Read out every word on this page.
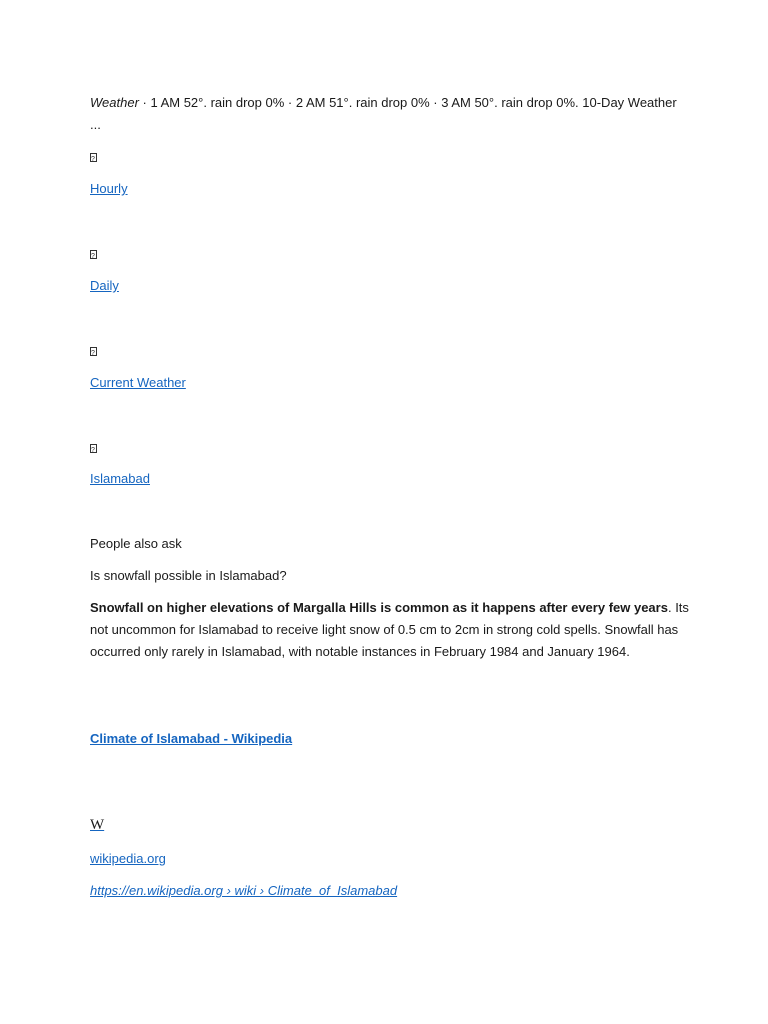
Weather · 1 AM 52°. rain drop 0% · 2 AM 51°. rain drop 0% · 3 AM 50°. rain drop 0%. 10-Day Weather ...
?
Hourly
?
Daily
?
Current Weather
?
Islamabad
People also ask
Is snowfall possible in Islamabad?
Snowfall on higher elevations of Margalla Hills is common as it happens after every few years. Its not uncommon for Islamabad to receive light snow of 0.5 cm to 2cm in strong cold spells. Snowfall has occurred only rarely in Islamabad, with notable instances in February 1984 and January 1964.
Climate of Islamabad - Wikipedia
W
wikipedia.org
https://en.wikipedia.org › wiki › Climate_of_Islamabad
